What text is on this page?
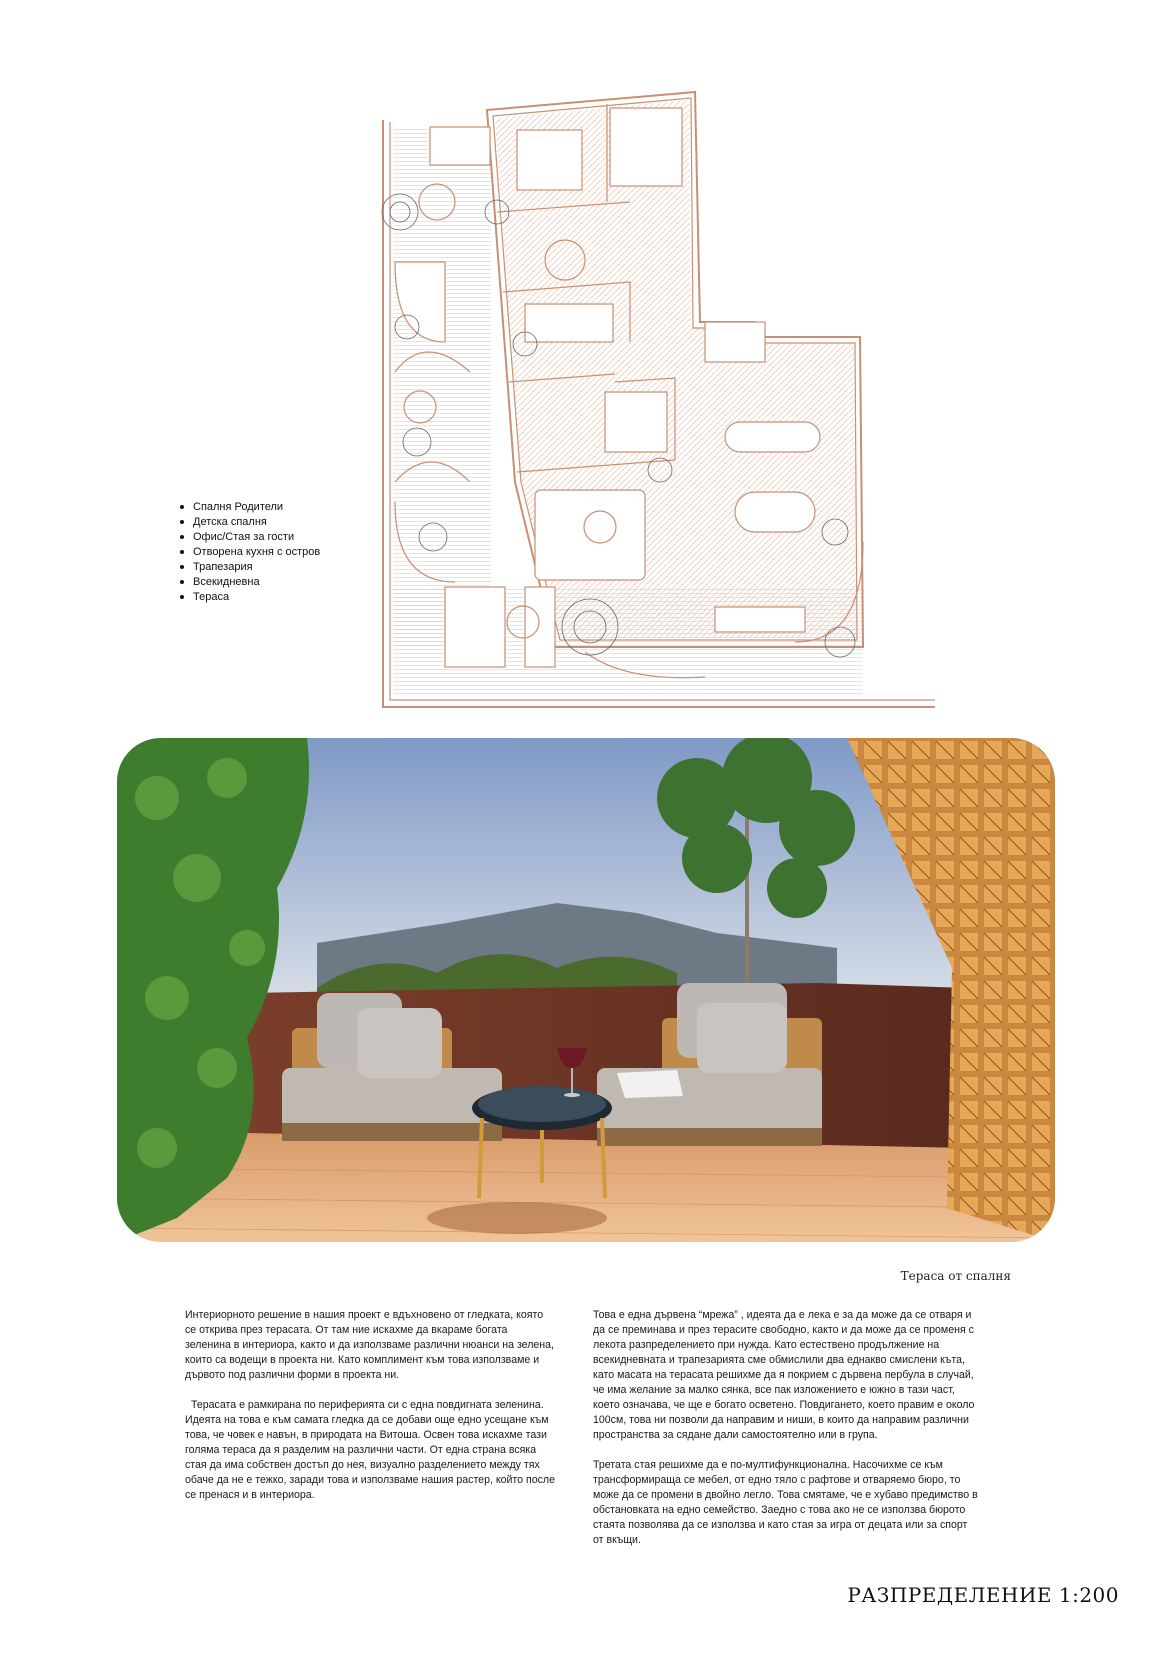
Спалня Родители
Детска спалня
Офис/Стая за гости
Отворена кухня с остров
Трапезария
Всекидневна
Тераса
Тераса от спалня

Интериорното решение в нашия проект е вдъхновено от гледката, която се открива през терасата. От там ние искахме да вкараме богата зеленина в интериора, както и да използваме различни нюанси на зелена, които са водещи в проекта ни. Като комплимент към това използваме и дървото под различни форми в проекта ни.

Терасата е рамкирана по периферията си с една повдигната зеленина. Идеята на това е към самата гледка да се добави още едно усещане към това, че човек е навън, в природата на Витоша. Освен това искахме тази голяма тераса да я разделим на различни части. От една страна всяка стая да има собствен достъп до нея, визуално разделението между тях обаче да не е тежко, заради това и използваме нашия растер, който после се пренася и в интериора.

Това е една дървена “мрежа” , идеята да е лека е за да може да се отваря и да се преминава и през терасите свободно, както и да може да се променя с лекота разпределението при нужда. Като естествено продължение на всекидневната и трапезарията сме обмислили два еднакво смислени кътa, като масата на терасата решихме да я покрием с дървена пербула в случай, че има желание за малко сянка, все пак изложението е южно в тази част, което означава, че ще е богато осветено. Повдигането, което правим е около 100см, това ни позволи да направим и ниши, в които да направим различни пространства за сядане дали самостоятелно или в група.

Третата стая решихме да е по-мултифункционална. Насочихме се към трансформираща се мебел, от едно тяло с рафтове и отваряемо бюро, то може да се промени в двойно легло. Това смятаме, че е хубаво предимство в обстановката на едно семейство. Заедно с това ако не се използва бюрото стаята позволява да се използва и като стая за игра от децата или за спорт от вкъщи.

РАЗПРЕДЕЛЕНИЕ 1:200
